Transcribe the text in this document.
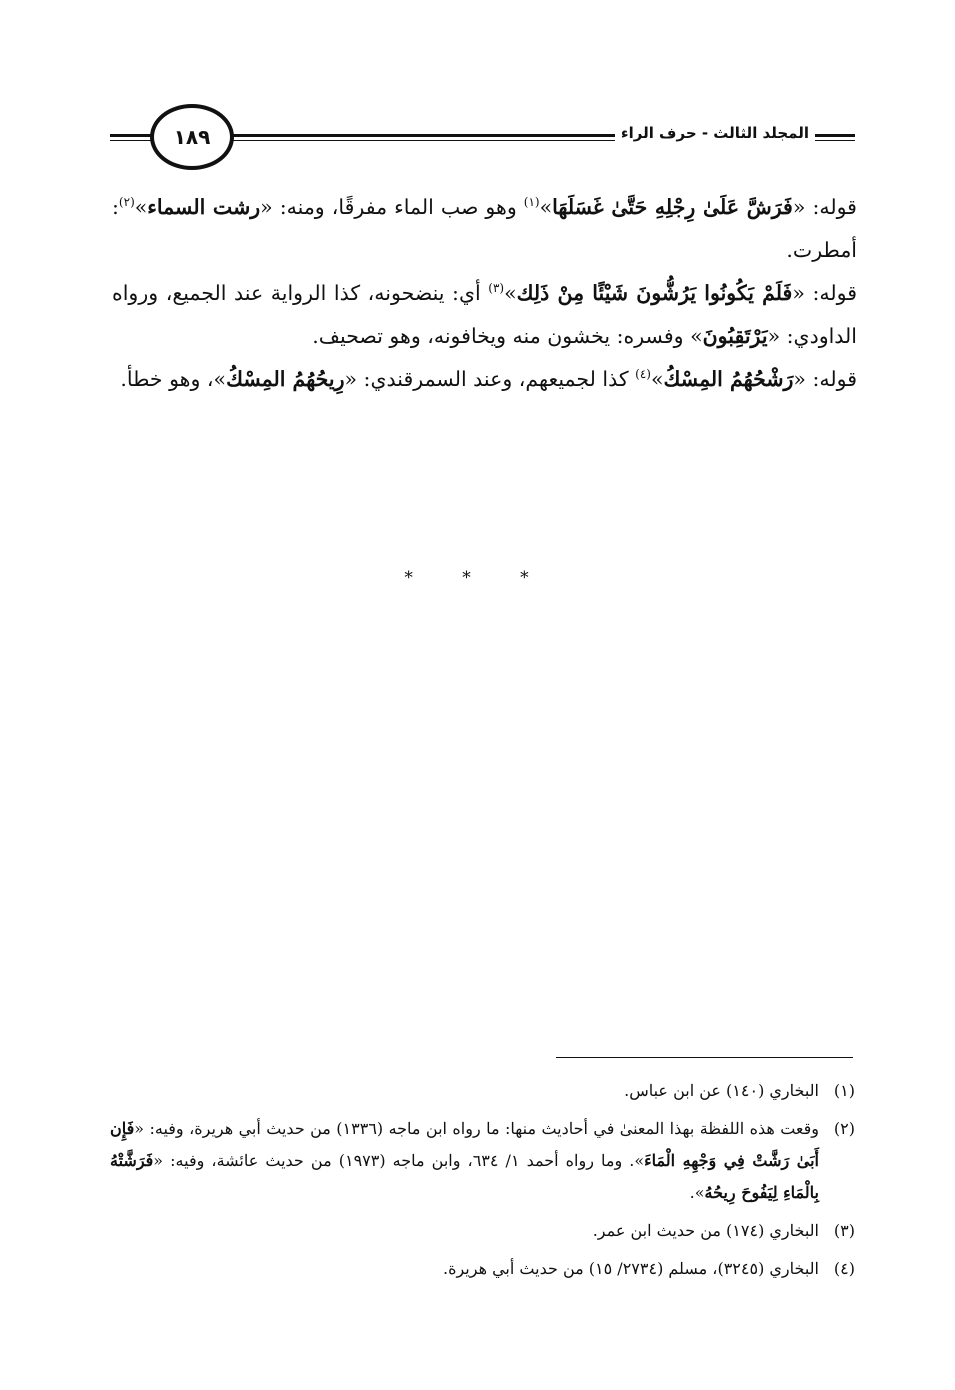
المجلد الثالث - حرف الراء
١٨٩

قوله: «فَرَشَّ عَلَىٰ رِجْلِهِ حَتَّىٰ غَسَلَهَا»$^{(١)}$ وهو صب الماء مفرقًا، ومنه: «رشت السماء»$^{(٢)}$: أمطرت.

قوله: «فَلَمْ يَكُونُوا يَرُشُّونَ شَيْئًا مِنْ ذَلِك»$^{(٣)}$ أي: ينضحونه، كذا الرواية عند الجميع، ورواه الداودي: «يَرْتَقِبُونَ» وفسره: يخشون منه ويخافونه، وهو تصحيف.

قوله: «رَشْحُهُمُ المِسْكُ»$^{(٤)}$ كذا لجميعهم، وعند السمرقندي: «رِيحُهُمُ المِسْكُ»، وهو خطأ.

* * *
(١)
البخاري (١٤٠) عن ابن عباس.
(٢)
وقعت هذه اللفظة بهذا المعنىٰ في أحاديث منها: ما رواه ابن ماجه (١٣٣٦) من حديث أبي هريرة، وفيه: «فَإِن أَبَىٰ رَشَّتْ فِي وَجْهِهِ الْمَاءَ». وما رواه أحمد ١/ ٦٣٤، وابن ماجه (١٩٧٣) من حديث عائشة، وفيه: «فَرَشَّتْهُ بِالْمَاءِ لِيَفُوحَ رِيحُهُ».
(٣)
البخاري (١٧٤) من حديث ابن عمر.
(٤)
البخاري (٣٢٤٥)، مسلم (٢٧٣٤/ ١٥) من حديث أبي هريرة.
